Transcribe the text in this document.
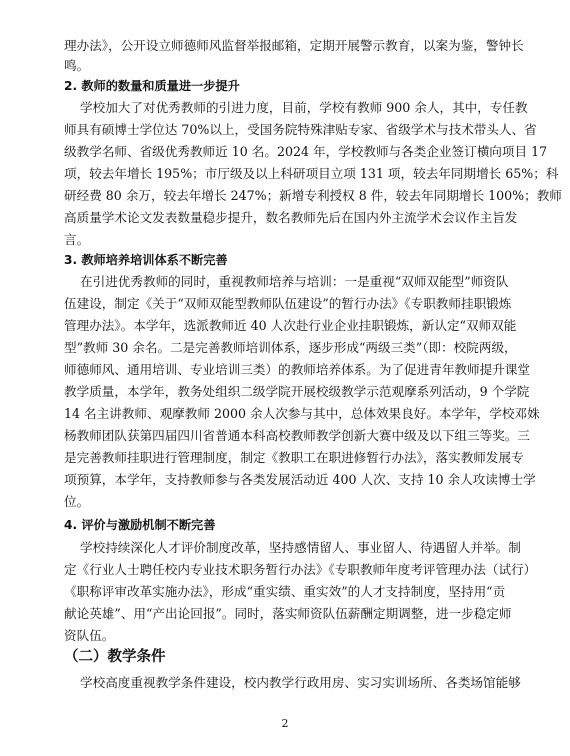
理办法》，公开设立师德师风监督举报邮箱，定期开展警示教育，以案为鉴，警钟长

鸣。

2. 教师的数量和质量进一步提升

学校加大了对优秀教师的引进力度，目前，学校有教师 900 余人，其中，专任教

师具有硕博士学位达 70%以上，受国务院特殊津贴专家、省级学术与技术带头人、省

级教学名师、省级优秀教师近 10 名。2024 年，学校教师与各类企业签订横向项目 17

项，较去年增长 195%；市厅级及以上科研项目立项 131 项，较去年同期增长 65%；科

研经费 80 余万，较去年增长 247%；新增专利授权 8 件，较去年同期增长 100%；教师

高质量学术论文发表数量稳步提升，数名教师先后在国内外主流学术会议作主旨发

言。

3. 教师培养培训体系不断完善

在引进优秀教师的同时，重视教师培养与培训：一是重视“双师双能型”师资队

伍建设，制定《关于“双师双能型教师队伍建设”的暂行办法》《专职教师挂职锻炼

管理办法》。本学年，选派教师近 40 人次赴行业企业挂职锻炼，新认定“双师双能

型”教师 30 余名。二是完善教师培训体系，逐步形成“两级三类”（即：校院两级，

师德师风、通用培训、专业培训三类）的教师培养体系。为了促进青年教师提升课堂

教学质量，本学年，教务处组织二级学院开展校级教学示范观摩系列活动，9 个学院

14 名主讲教师、观摩教师 2000 余人次参与其中，总体效果良好。本学年，学校邓姝

杨教师团队获第四届四川省普通本科高校教师教学创新大赛中级及以下组三等奖。三

是完善教师挂职进行管理制度，制定《教职工在职进修暂行办法》，落实教师发展专

项预算，本学年，支持教师参与各类发展活动近 400 人次、支持 10 余人攻读博士学

位。

4. 评价与激励机制不断完善

学校持续深化人才评价制度改革，坚持感情留人、事业留人、待遇留人并举。制

定《行业人士聘任校内专业技术职务暂行办法》《专职教师年度考评管理办法（试行）

《职称评审改革实施办法》，形成“重实绩、重实效”的人才支持制度，坚持用“贡

献论英雄”、用“产出论回报”。同时，落实师资队伍薪酬定期调整，进一步稳定师

资队伍。

（二）教学条件

学校高度重视教学条件建设，校内教学行政用房、实习实训场所、各类场馆能够

2
